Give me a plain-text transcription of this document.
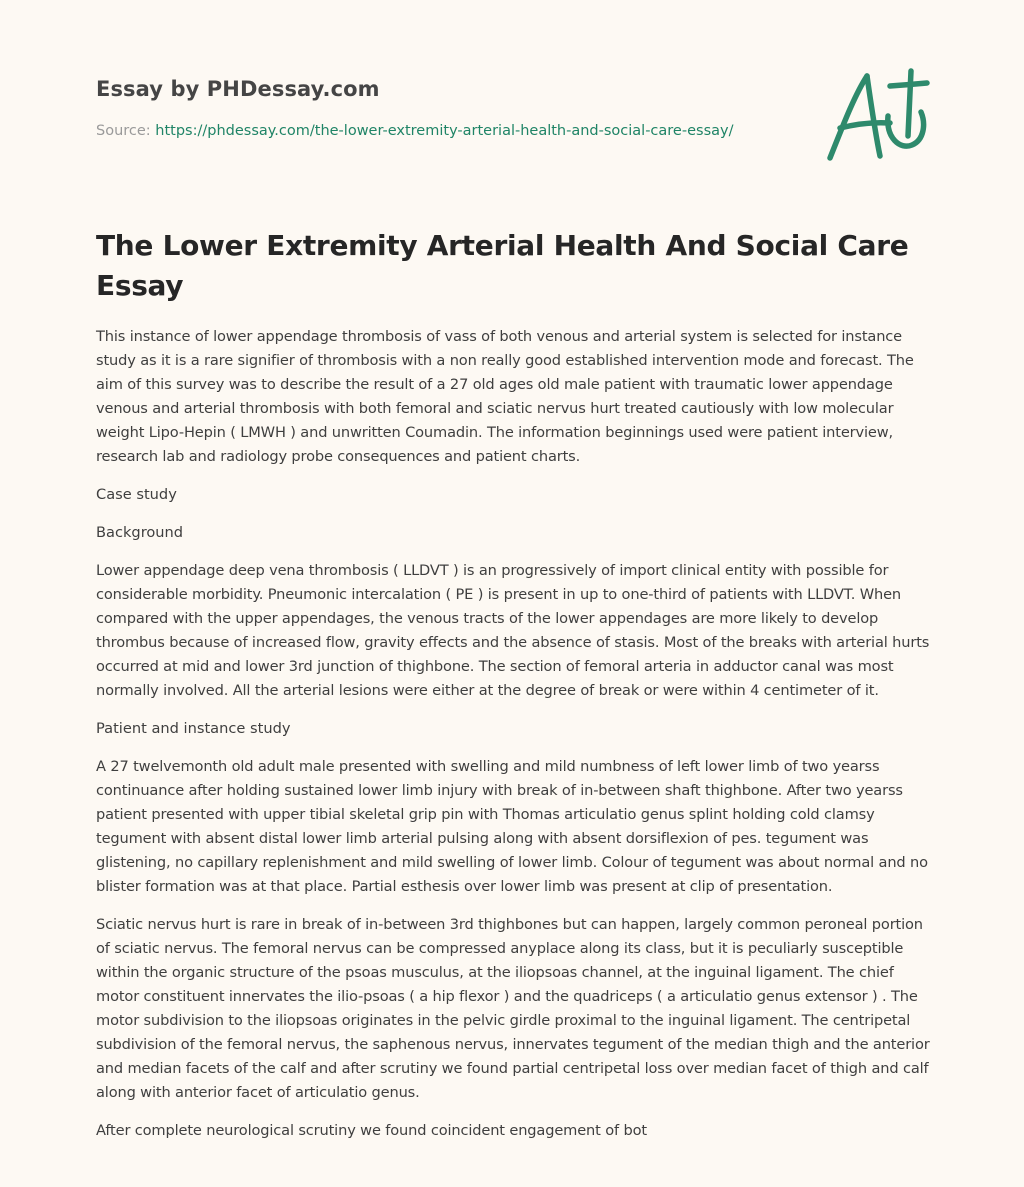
Essay by PHDessay.com

Source: https://phdessay.com/the-lower-extremity-arterial-health-and-social-care-essay/

The Lower Extremity Arterial Health And Social Care Essay

This instance of lower appendage thrombosis of vass of both venous and arterial system is selected for instance study as it is a rare signifier of thrombosis with a non really good established intervention mode and forecast. The aim of this survey was to describe the result of a 27 old ages old male patient with traumatic lower appendage venous and arterial thrombosis with both femoral and sciatic nervus hurt treated cautiously with low molecular weight Lipo-Hepin ( LMWH ) and unwritten Coumadin. The information beginnings used were patient interview, research lab and radiology probe consequences and patient charts.

Case study

Background

Lower appendage deep vena thrombosis ( LLDVT ) is an progressively of import clinical entity with possible for considerable morbidity. Pneumonic intercalation ( PE ) is present in up to one-third of patients with LLDVT. When compared with the upper appendages, the venous tracts of the lower appendages are more likely to develop thrombus because of increased flow, gravity effects and the absence of stasis. Most of the breaks with arterial hurts occurred at mid and lower 3rd junction of thighbone. The section of femoral arteria in adductor canal was most normally involved. All the arterial lesions were either at the degree of break or were within 4 centimeter of it.

Patient and instance study

A 27 twelvemonth old adult male presented with swelling and mild numbness of left lower limb of two yearss continuance after holding sustained lower limb injury with break of in-between shaft thighbone. After two yearss patient presented with upper tibial skeletal grip pin with Thomas articulatio genus splint holding cold clamsy tegument with absent distal lower limb arterial pulsing along with absent dorsiflexion of pes. tegument was glistening, no capillary replenishment and mild swelling of lower limb. Colour of tegument was about normal and no blister formation was at that place. Partial esthesis over lower limb was present at clip of presentation.

Sciatic nervus hurt is rare in break of in-between 3rd thighbones but can happen, largely common peroneal portion of sciatic nervus. The femoral nervus can be compressed anyplace along its class, but it is peculiarly susceptible within the organic structure of the psoas musculus, at the iliopsoas channel, at the inguinal ligament. The chief motor constituent innervates the ilio-psoas ( a hip flexor ) and the quadriceps ( a articulatio genus extensor ) . The motor subdivision to the iliopsoas originates in the pelvic girdle proximal to the inguinal ligament. The centripetal subdivision of the femoral nervus, the saphenous nervus, innervates tegument of the median thigh and the anterior and median facets of the calf and after scrutiny we found partial centripetal loss over median facet of thigh and calf along with anterior facet of articulatio genus.

After complete neurological scrutiny we found coincident engagement of bot
